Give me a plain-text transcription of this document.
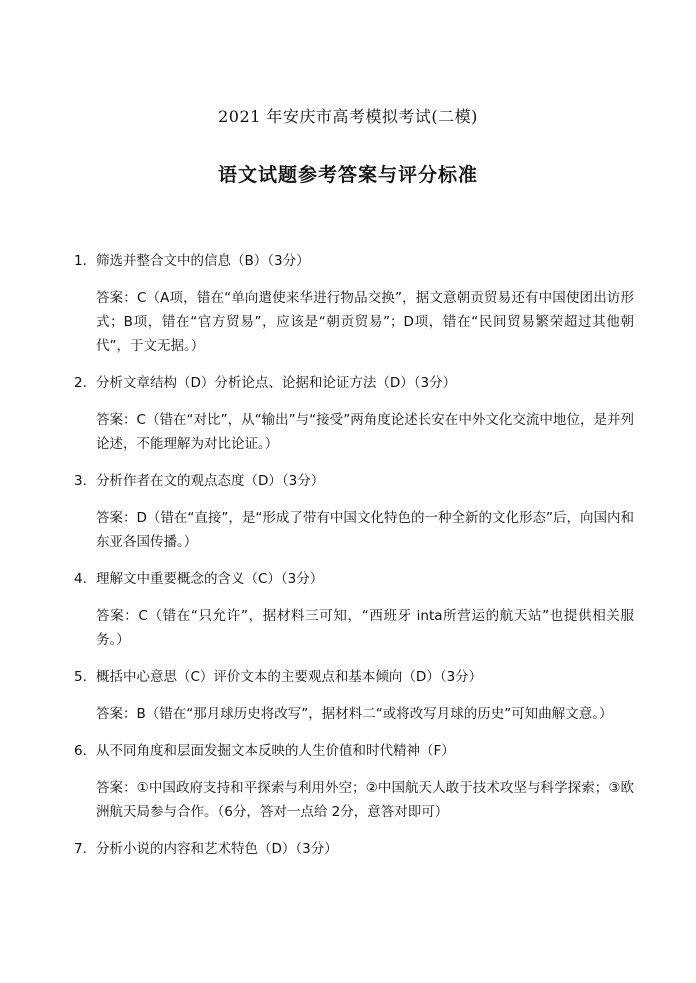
2021 年安庆市高考模拟考试(二模)
语文试题参考答案与评分标准
1. 筛选并整合文中的信息（B）（3分）
答案：C（A项，错在“单向遣使来华进行物品交换”，据文意朝贡贸易还有中国使团出访形式；B项，错在“官方贸易”，应该是“朝贡贸易”；D项，错在“民间贸易繁荣超过其他朝代”，于文无据。）
2. 分析文章结构（D）分析论点、论据和论证方法（D）（3分）
答案：C（错在“对比”，从“输出”与“接受”两角度论述长安在中外文化交流中地位，是并列论述，不能理解为对比论证。）
3. 分析作者在文的观点态度（D）（3分）
答案：D（错在“直接”，是“形成了带有中国文化特色的一种全新的文化形态”后，向国内和东亚各国传播。）
4. 理解文中重要概念的含义（C）（3分）
答案：C（错在“只允许”，据材料三可知，“西班牙 inta所营运的航天站”也提供相关服务。）
5. 概括中心意思（C）评价文本的主要观点和基本倾向（D）（3分）
答案：B（错在“那月球历史将改写”，据材料二“或将改写月球的历史”可知曲解文意。）
6. 从不同角度和层面发掘文本反映的人生价值和时代精神（F）
答案：①中国政府支持和平探索与利用外空；②中国航天人敢于技术攻坚与科学探索；③欧洲航天局参与合作。（6分，答对一点给 2分，意答对即可）
7. 分析小说的内容和艺术特色（D）（3分）
